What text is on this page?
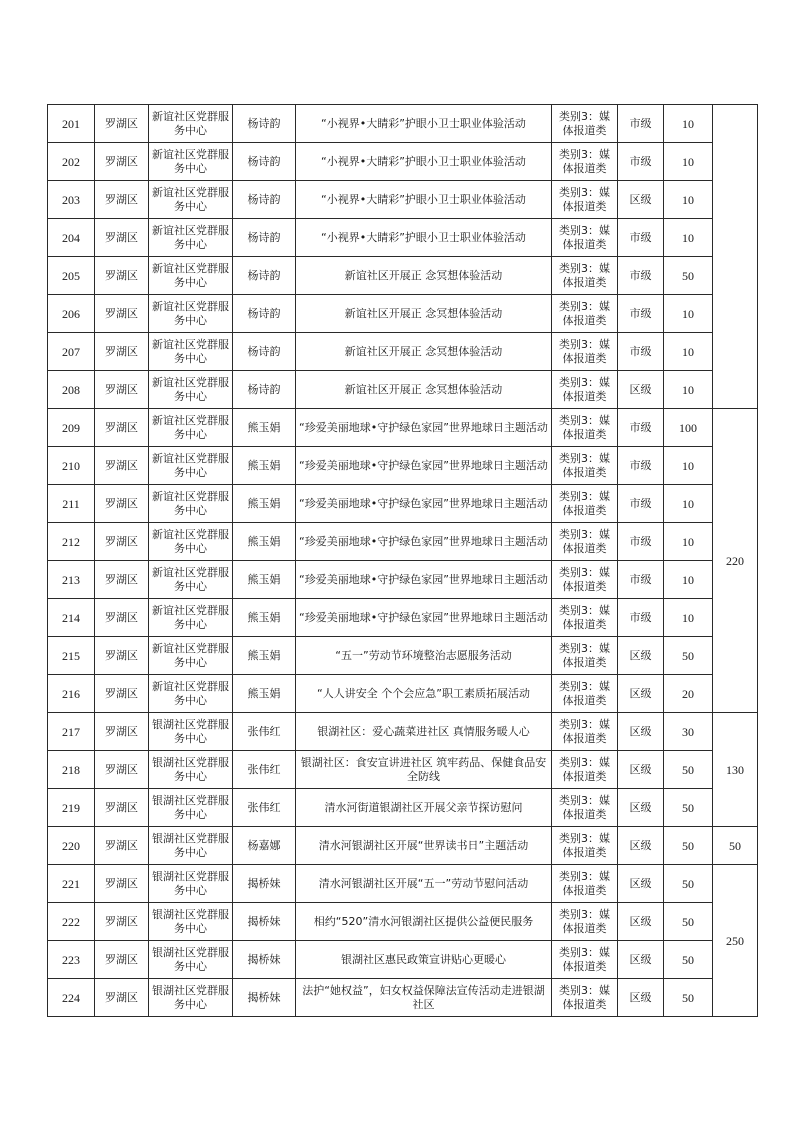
201	罗湖区	新谊社区党群服务中心	杨诗韵	“小视界•大睛彩”护眼小卫士职业体验活动	类别3：媒体报道类	市级	10	
202	罗湖区	新谊社区党群服务中心	杨诗韵	“小视界•大睛彩”护眼小卫士职业体验活动	类别3：媒体报道类	市级	10	
203	罗湖区	新谊社区党群服务中心	杨诗韵	“小视界•大睛彩”护眼小卫士职业体验活动	类别3：媒体报道类	区级	10	
204	罗湖区	新谊社区党群服务中心	杨诗韵	“小视界•大睛彩”护眼小卫士职业体验活动	类别3：媒体报道类	市级	10	
205	罗湖区	新谊社区党群服务中心	杨诗韵	新谊社区开展正 念冥想体验活动	类别3：媒体报道类	市级	50	
206	罗湖区	新谊社区党群服务中心	杨诗韵	新谊社区开展正 念冥想体验活动	类别3：媒体报道类	市级	10	
207	罗湖区	新谊社区党群服务中心	杨诗韵	新谊社区开展正 念冥想体验活动	类别3：媒体报道类	市级	10	
208	罗湖区	新谊社区党群服务中心	杨诗韵	新谊社区开展正 念冥想体验活动	类别3：媒体报道类	区级	10	
209	罗湖区	新谊社区党群服务中心	熊玉娟	“珍爱美丽地球•守护绿色家园”世界地球日主题活动	类别3：媒体报道类	市级	100	220
210	罗湖区	新谊社区党群服务中心	熊玉娟	“珍爱美丽地球•守护绿色家园”世界地球日主题活动	类别3：媒体报道类	市级	10	
211	罗湖区	新谊社区党群服务中心	熊玉娟	“珍爱美丽地球•守护绿色家园”世界地球日主题活动	类别3：媒体报道类	市级	10	
212	罗湖区	新谊社区党群服务中心	熊玉娟	“珍爱美丽地球•守护绿色家园”世界地球日主题活动	类别3：媒体报道类	市级	10	
213	罗湖区	新谊社区党群服务中心	熊玉娟	“珍爱美丽地球•守护绿色家园”世界地球日主题活动	类别3：媒体报道类	市级	10	
214	罗湖区	新谊社区党群服务中心	熊玉娟	“珍爱美丽地球•守护绿色家园”世界地球日主题活动	类别3：媒体报道类	市级	10	
215	罗湖区	新谊社区党群服务中心	熊玉娟	“五一”劳动节环境整治志愿服务活动	类别3：媒体报道类	区级	50	
216	罗湖区	新谊社区党群服务中心	熊玉娟	“人人讲安全 个个会应急”职工素质拓展活动	类别3：媒体报道类	区级	20	
217	罗湖区	银湖社区党群服务中心	张伟红	银湖社区：爱心蔬菜进社区 真情服务暖人心	类别3：媒体报道类	区级	30	130
218	罗湖区	银湖社区党群服务中心	张伟红	银湖社区：食安宣讲进社区 筑牢药品、保健食品安全防线	类别3：媒体报道类	区级	50	
219	罗湖区	银湖社区党群服务中心	张伟红	清水河街道银湖社区开展父亲节探访慰问	类别3：媒体报道类	区级	50	
220	罗湖区	银湖社区党群服务中心	杨嘉娜	清水河银湖社区开展“世界读书日”主题活动	类别3：媒体报道类	区级	50	50
221	罗湖区	银湖社区党群服务中心	揭桥妹	清水河银湖社区开展“五一”劳动节慰问活动	类别3：媒体报道类	区级	50	250
222	罗湖区	银湖社区党群服务中心	揭桥妹	相约“520”清水河银湖社区提供公益便民服务	类别3：媒体报道类	区级	50	
223	罗湖区	银湖社区党群服务中心	揭桥妹	银湖社区惠民政策宣讲贴心更暖心	类别3：媒体报道类	区级	50	
224	罗湖区	银湖社区党群服务中心	揭桥妹	法护“她权益”，妇女权益保障法宣传活动走进银湖社区	类别3：媒体报道类	区级	50	
